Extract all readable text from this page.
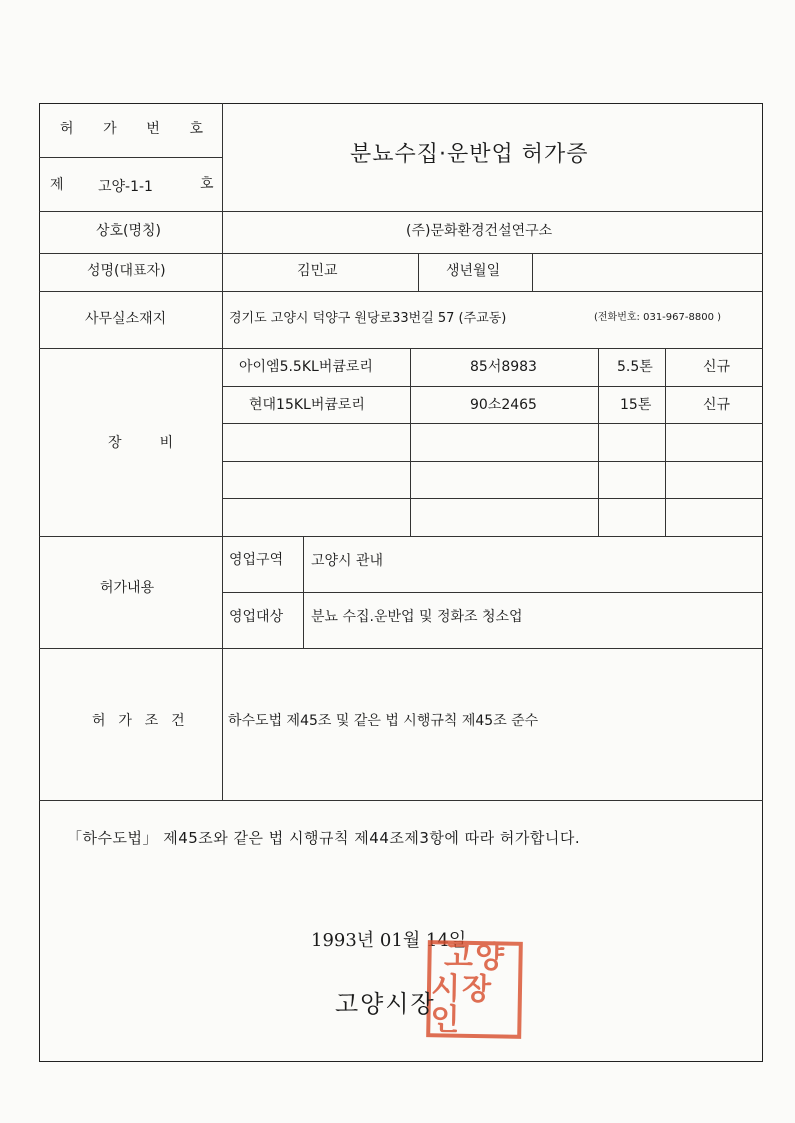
허 가 번 호
제 고양-1-1	호
분뇨수집·운반업 허가증
상호(명칭)	(주)문화환경건설연구소
성명(대표자)	김민교	생년월일
사무실소재지	경기도 고양시 덕양구 원당로33번길 57 (주교동)	(전화번호: 031-967-8800 )
장 비
아이엠5.5KL버큠로리	85서8983	5.5톤	신규
현대15KL버큠로리	90소2465	15톤	신규
허가내용
영업구역 고양시 관내
영업대상 분뇨 수집.운반업 및 정화조 청소업
허 가 조 건	하수도법 제45조 및 같은 법 시행규칙 제45조 준수
「하수도법」 제45조와 같은 법 시행규칙 제44조제3항에 따라 허가합니다.
1993년 01월 14일
고양
시장인
고양시장
